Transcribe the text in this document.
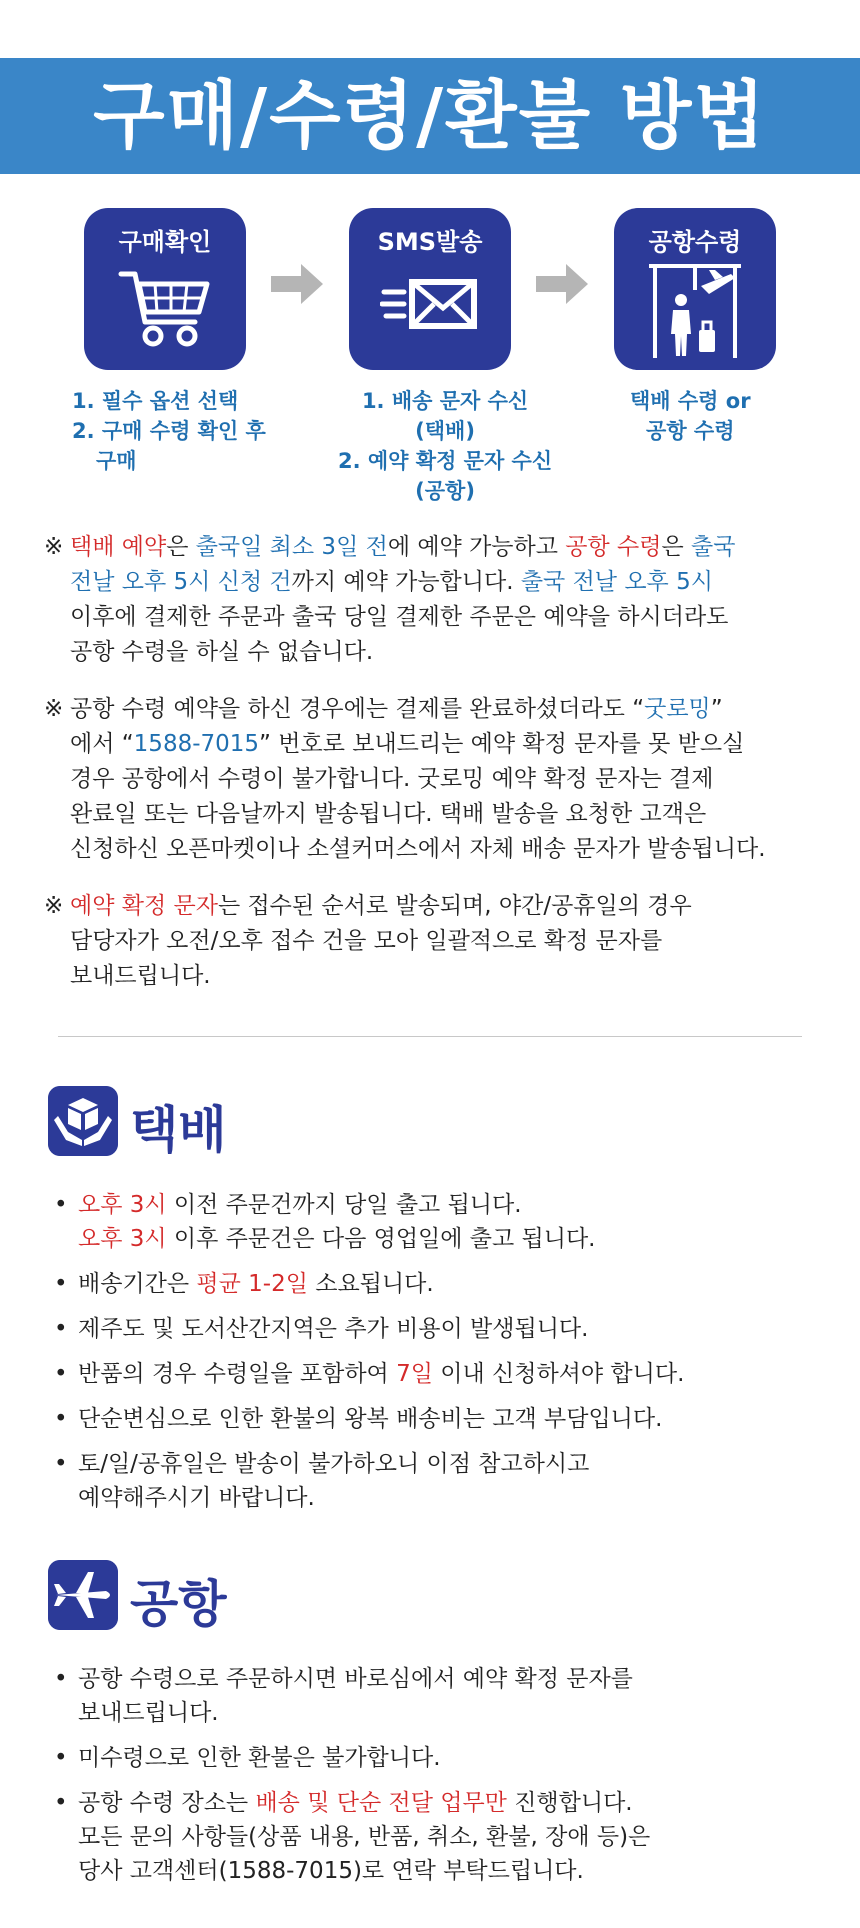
구매/수령/환불 방법
구매확인	SMS발송	공항수령
1. 필수 옵션 선택
2. 구매 수령 확인 후
구매
1. 배송 문자 수신
(택배)
2. 예약 확정 문자 수신
(공항)
택배 수령 or
공항 수령
※ 택배 예약은 출국일 최소 3일 전에 예약 가능하고 공항 수령은 출국
전날 오후 5시 신청 건까지 예약 가능합니다. 출국 전날 오후 5시
이후에 결제한 주문과 출국 당일 결제한 주문은 예약을 하시더라도
공항 수령을 하실 수 없습니다.
※ 공항 수령 예약을 하신 경우에는 결제를 완료하셨더라도 “굿로밍”
에서 “1588-7015” 번호로 보내드리는 예약 확정 문자를 못 받으실
경우 공항에서 수령이 불가합니다. 굿로밍 예약 확정 문자는 결제
완료일 또는 다음날까지 발송됩니다. 택배 발송을 요청한 고객은
신청하신 오픈마켓이나 소셜커머스에서 자체 배송 문자가 발송됩니다.
※ 예약 확정 문자는 접수된 순서로 발송되며, 야간/공휴일의 경우
담당자가 오전/오후 접수 건을 모아 일괄적으로 확정 문자를
보내드립니다.
택배
• 오후 3시 이전 주문건까지 당일 출고 됩니다.
오후 3시 이후 주문건은 다음 영업일에 출고 됩니다.
• 배송기간은 평균 1-2일 소요됩니다.
• 제주도 및 도서산간지역은 추가 비용이 발생됩니다.
• 반품의 경우 수령일을 포함하여 7일 이내 신청하셔야 합니다.
• 단순변심으로 인한 환불의 왕복 배송비는 고객 부담입니다.
• 토/일/공휴일은 발송이 불가하오니 이점 참고하시고
예약해주시기 바랍니다.
공항
• 공항 수령으로 주문하시면 바로심에서 예약 확정 문자를
보내드립니다.
• 미수령으로 인한 환불은 불가합니다.
• 공항 수령 장소는 배송 및 단순 전달 업무만 진행합니다.
모든 문의 사항들(상품 내용, 반품, 취소, 환불, 장애 등)은
당사 고객센터(1588-7015)로 연락 부탁드립니다.
